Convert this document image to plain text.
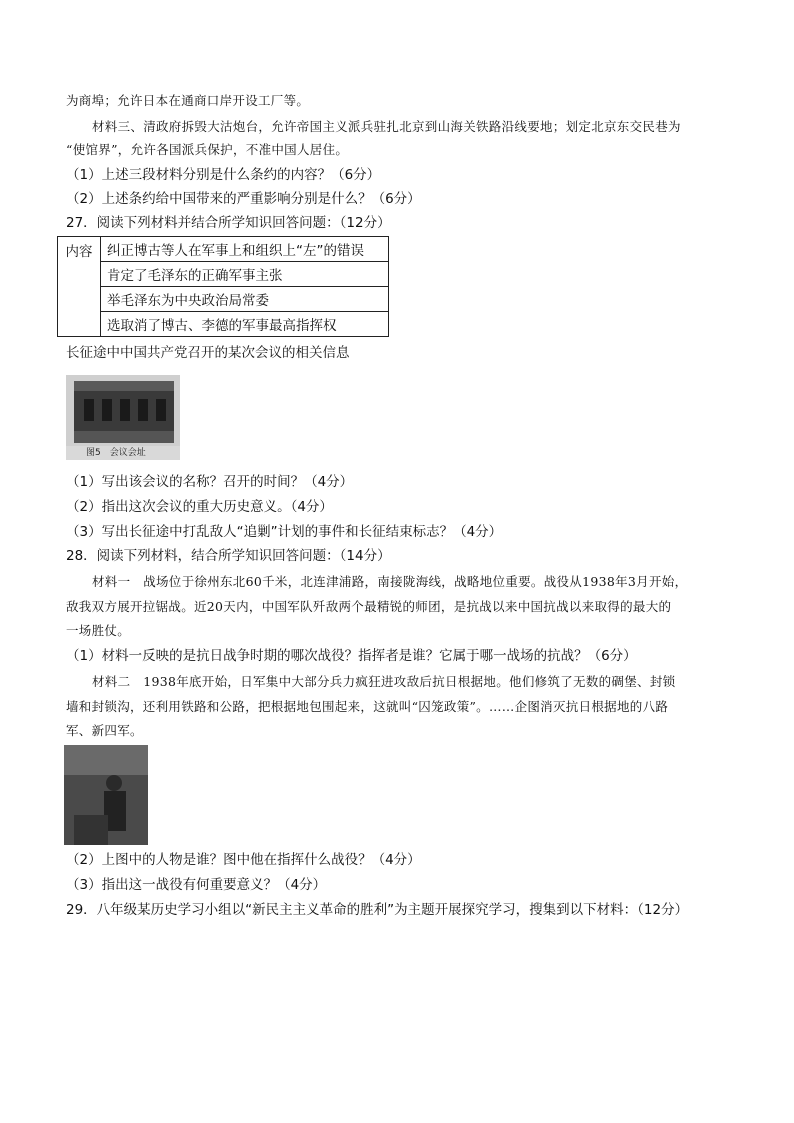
为商埠；允许日本在通商口岸开设工厂等。
材料三、清政府拆毁大沽炮台，允许帝国主义派兵驻扎北京到山海关铁路沿线要地；划定北京东交民巷为
“使馆界”，允许各国派兵保护，不准中国人居住。
（1）上述三段材料分别是什么条约的内容？（6分）
（2）上述条约给中国带来的严重影响分别是什么？（6分）
27．阅读下列材料并结合所学知识回答问题：（12分）
内容	纠正博古等人在军事上和组织上“左”的错误
肯定了毛泽东的正确军事主张
举毛泽东为中央政治局常委
选取消了博古、李德的军事最高指挥权
长征途中中国共产党召开的某次会议的相关信息
图5　会议会址
（1）写出该会议的名称？召开的时间？（4分）
（2）指出这次会议的重大历史意义。（4分）
（3）写出长征途中打乱敌人“追剿”计划的事件和长征结束标志？（4分）
28．阅读下列材料，结合所学知识回答问题：（14分）
材料一　战场位于徐州东北60千米，北连津浦路，南接陇海线，战略地位重要。战役从1938年3月开始，
敌我双方展开拉锯战。近20天内，中国军队歼敌两个最精锐的师团，是抗战以来中国抗战以来取得的最大的
一场胜仗。
（1）材料一反映的是抗日战争时期的哪次战役？指挥者是谁？它属于哪一战场的抗战？（6分）
材料二　1938年底开始，日军集中大部分兵力疯狂进攻敌后抗日根据地。他们修筑了无数的碉堡、封锁
墙和封锁沟，还利用铁路和公路，把根据地包围起来，这就叫“囚笼政策”。……企图消灭抗日根据地的八路
军、新四军。
（2）上图中的人物是谁？图中他在指挥什么战役？（4分）
（3）指出这一战役有何重要意义？（4分）
29．八年级某历史学习小组以“新民主主义革命的胜利”为主题开展探究学习，搜集到以下材料：（12分）
